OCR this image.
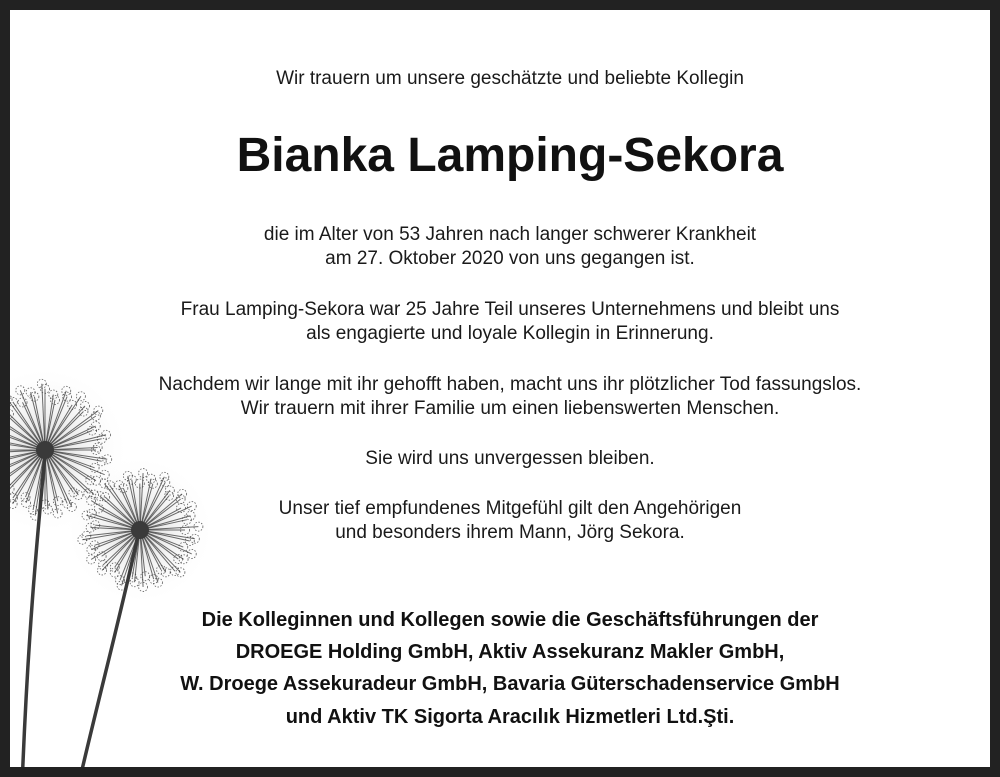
Wir trauern um unsere geschätzte und beliebte Kollegin
Bianka Lamping-Sekora
die im Alter von 53 Jahren nach langer schwerer Krankheit
am 27. Oktober 2020 von uns gegangen ist.
Frau Lamping-Sekora war 25 Jahre Teil unseres Unternehmens und bleibt uns
als engagierte und loyale Kollegin in Erinnerung.
Nachdem wir lange mit ihr gehofft haben, macht uns ihr plötzlicher Tod fassungslos.
Wir trauern mit ihrer Familie um einen liebenswerten Menschen.
Sie wird uns unvergessen bleiben.
Unser tief empfundenes Mitgefühl gilt den Angehörigen
und besonders ihrem Mann, Jörg Sekora.
Die Kolleginnen und Kollegen sowie die Geschäftsführungen der
DROEGE Holding GmbH, Aktiv Assekuranz Makler GmbH,
W. Droege Assekuradeur GmbH, Bavaria Güterschadenservice GmbH
und Aktiv TK Sigorta Aracılık Hizmetleri Ltd.Şti.
